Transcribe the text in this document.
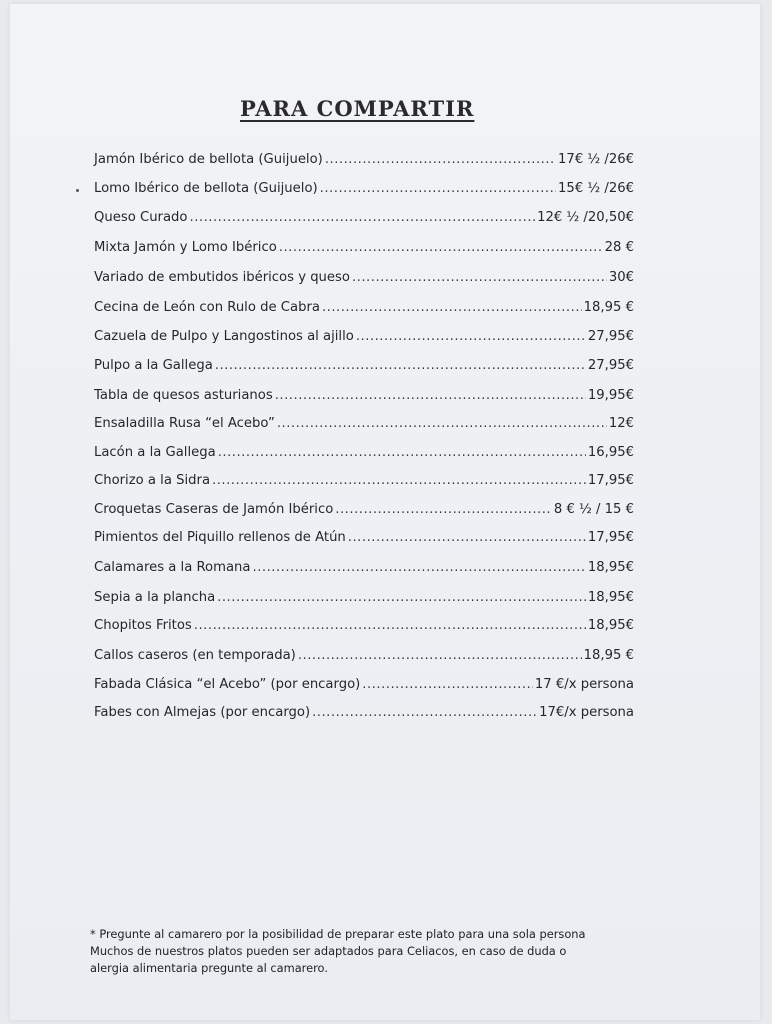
PARA COMPARTIR
Jamón Ibérico de bellota (Guijuelo) .....	17€ ½ /26€
Lomo Ibérico de bellota (Guijuelo) .....	15€ ½ /26€
Queso Curado .....	12€ ½ /20,50€
Mixta Jamón y Lomo Ibérico .....	28 €
Variado de embutidos ibéricos y queso .....	30€
Cecina de León con Rulo de Cabra .....	18,95 €
Cazuela de Pulpo y Langostinos al ajillo .....	27,95€
Pulpo a la Gallega .....	27,95€
Tabla de quesos asturianos .....	19,95€
Ensaladilla Rusa “el Acebo” .....	12€
Lacón a la Gallega .....	16,95€
Chorizo a la Sidra .....	17,95€
Croquetas Caseras de Jamón Ibérico .....	8 € ½ / 15 €
Pimientos del Piquillo rellenos de Atún .....	17,95€
Calamares a la Romana .....	18,95€
Sepia a la plancha .....	18,95€
Chopitos Fritos .....	18,95€
Callos caseros (en temporada) .....	18,95 €
Fabada Clásica “el Acebo” (por encargo) .....	17 €/x persona
Fabes con Almejas (por encargo) .....	17€/x persona

* Pregunte al camarero por la posibilidad de preparar este plato para una sola persona

Muchos de nuestros platos pueden ser adaptados para Celiacos, en caso de duda o

alergia alimentaria pregunte al camarero.
